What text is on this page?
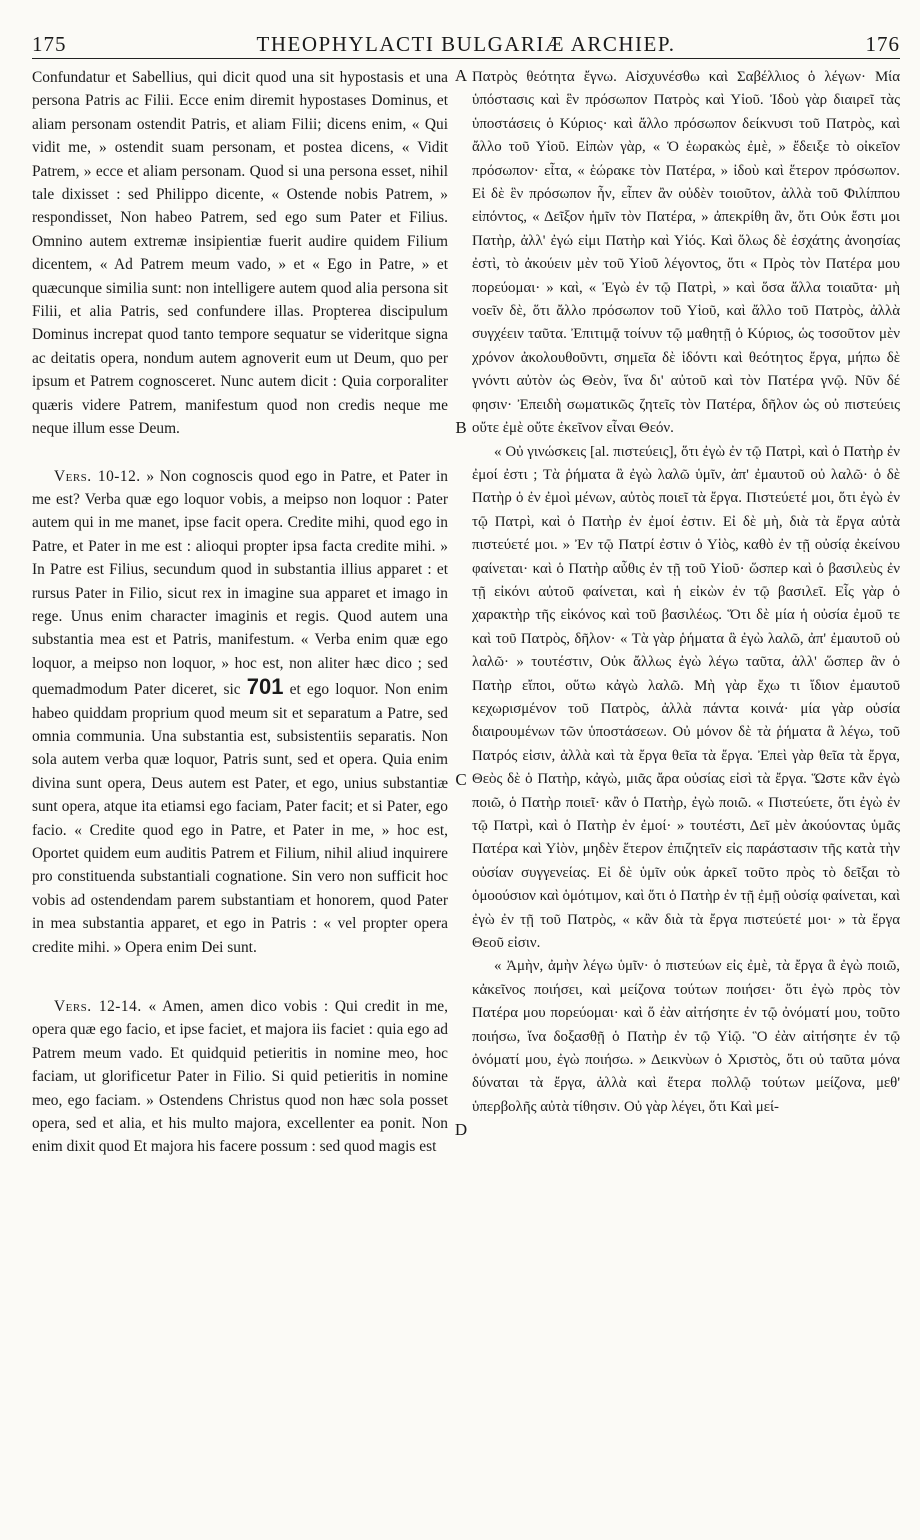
175	THEOPHYLACTI BULGARIÆ ARCHIEP.	176

Confundatur et Sabellius, qui dicit quod una sit hypostasis et una persona Patris ac Filii. Ecce enim diremit hypostases Dominus, et aliam personam ostendit Patris, et aliam Filii; dicens enim, « Qui vidit me, » ostendit suam personam, et postea dicens, « Vidit Patrem, » ecce et aliam personam. Quod si una persona esset, nihil tale dixisset : sed Philippo dicente, « Ostende nobis Patrem, » respondisset, Non habeo Patrem, sed ego sum Pater et Filius. Omnino autem extremæ insipientiæ fuerit audire quidem Filium dicentem, « Ad Patrem meum vado, » et « Ego in Patre, » et quæcunque similia sunt: non intelligere autem quod alia persona sit Filii, et alia Patris, sed confundere illas. Propterea discipulum Dominus increpat quod tanto tempore sequatur se videritque signa ac deitatis opera, nondum autem agnoverit eum ut Deum, quo per ipsum et Patrem cognosceret. Nunc autem dicit : Quia corporaliter quæris videre Patrem, manifestum quod non credis neque me neque illum esse Deum.

Vers. 10-12. » Non cognoscis quod ego in Patre, et Pater in me est? Verba quæ ego loquor vobis, a meipso non loquor : Pater autem qui in me manet, ipse facit opera. Credite mihi, quod ego in Patre, et Pater in me est : alioqui propter ipsa facta credite mihi. » In Patre est Filius, secundum quod in substantia illius apparet : et rursus Pater in Filio, sicut rex in imagine sua apparet et imago in rege. Unus enim character imaginis et regis. Quod autem una substantia mea est et Patris, manifestum. « Verba enim quæ ego loquor, a meipso non loquor, » hoc est, non aliter hæc dico ; sed quemadmodum Pater diceret, sic 701 et ego loquor. Non enim habeo quiddam proprium quod meum sit et separatum a Patre, sed omnia communia. Una substantia est, subsistentiis separatis. Non sola autem verba quæ loquor, Patris sunt, sed et opera. Quia enim divina sunt opera, Deus autem est Pater, et ego, unius substantiæ sunt opera, atque ita etiamsi ego faciam, Pater facit; et si Pater, ego facio. « Credite quod ego in Patre, et Pater in me, » hoc est, Oportet quidem eum auditis Patrem et Filium, nihil aliud inquirere pro constituenda substantiali cognatione. Sin vero non sufficit hoc vobis ad ostendendam parem substantiam et honorem, quod Pater in mea substantia apparet, et ego in Patris : « vel propter opera credite mihi. » Opera enim Dei sunt.

Vers. 12-14. « Amen, amen dico vobis : Qui credit in me, opera quæ ego facio, et ipse faciet, et majora iis faciet : quia ego ad Patrem meum vado. Et quidquid petieritis in nomine meo, hoc faciam, ut glorificetur Pater in Filio. Si quid petieritis in nomine meo, ego faciam. » Ostendens Christus quod non hæc sola posset opera, sed et alia, et his multo majora, excellenter ea ponit. Non enim dixit quod Et majora his facere possum : sed quod magis est

A
B
C
D

Πατρὸς θεότητα ἔγνω. Αἰσχυνέσθω καὶ Σαβέλλιος ὁ λέγων· Μία ὑπόστασις καὶ ἓν πρόσωπον Πατρὸς καὶ Υἱοῦ. Ἰδοὺ γὰρ διαιρεῖ τὰς ὑποστάσεις ὁ Κύριος· καὶ ἄλλο πρόσωπον δείκνυσι τοῦ Πατρὸς, καὶ ἄλλο τοῦ Υἱοῦ. Εἰπὼν γὰρ, « Ὁ ἑωρακὼς ἐμὲ, » ἔδειξε τὸ οἰκεῖον πρόσωπον· εἶτα, « ἑώρακε τὸν Πατέρα, » ἰδοὺ καὶ ἕτερον πρόσωπον. Εἰ δὲ ἓν πρόσωπον ἦν, εἶπεν ἂν οὐδὲν τοιοῦτον, ἀλλὰ τοῦ Φιλίππου εἰπόντος, « Δεῖξον ἡμῖν τὸν Πατέρα, » ἀπεκρίθη ἂν, ὅτι Οὐκ ἔστι μοι Πατὴρ, ἀλλ' ἐγώ εἰμι Πατὴρ καὶ Υἱός. Καὶ ὅλως δὲ ἐσχάτης ἀνοησίας ἐστὶ, τὸ ἀκούειν μὲν τοῦ Υἱοῦ λέγοντος, ὅτι « Πρὸς τὸν Πατέρα μου πορεύομαι· » καὶ, « Ἐγὼ ἐν τῷ Πατρὶ, » καὶ ὅσα ἄλλα τοιαῦτα· μὴ νοεῖν δὲ, ὅτι ἄλλο πρόσωπον τοῦ Υἱοῦ, καὶ ἄλλο τοῦ Πατρὸς, ἀλλὰ συγχέειν ταῦτα. Ἐπιτιμᾷ τοίνυν τῷ μαθητῇ ὁ Κύριος, ὡς τοσοῦτον μὲν χρόνον ἀκολουθοῦντι, σημεῖα δὲ ἰδόντι καὶ θεότητος ἔργα, μήπω δὲ γνόντι αὐτὸν ὡς Θεὸν, ἵνα δι' αὐτοῦ καὶ τὸν Πατέρα γνῷ. Νῦν δέ φησιν· Ἐπειδὴ σωματικῶς ζητεῖς τὸν Πατέρα, δῆλον ὡς οὐ πιστεύεις οὔτε ἐμὲ οὔτε ἐκεῖνον εἶναι Θεόν.

« Οὐ γινώσκεις [al. πιστεύεις], ὅτι ἐγὼ ἐν τῷ Πατρὶ, καὶ ὁ Πατὴρ ἐν ἐμοί ἐστι ; Τὰ ῥήματα ἃ ἐγὼ λαλῶ ὑμῖν, ἀπ' ἐμαυτοῦ οὐ λαλῶ· ὁ δὲ Πατὴρ ὁ ἐν ἐμοὶ μένων, αὐτὸς ποιεῖ τὰ ἔργα. Πιστεύετέ μοι, ὅτι ἐγὼ ἐν τῷ Πατρὶ, καὶ ὁ Πατὴρ ἐν ἐμοί ἐστιν. Εἰ δὲ μὴ, διὰ τὰ ἔργα αὐτὰ πιστεύετέ μοι. » Ἐν τῷ Πατρί ἐστιν ὁ Υἱὸς, καθὸ ἐν τῇ οὐσίᾳ ἐκείνου φαίνεται· καὶ ὁ Πατὴρ αὖθις ἐν τῇ τοῦ Υἱοῦ· ὥσπερ καὶ ὁ βασιλεὺς ἐν τῇ εἰκόνι αὐτοῦ φαίνεται, καὶ ἡ εἰκὼν ἐν τῷ βασιλεῖ. Εἷς γὰρ ὁ χαρακτὴρ τῆς εἰκόνος καὶ τοῦ βασιλέως. Ὅτι δὲ μία ἡ οὐσία ἐμοῦ τε καὶ τοῦ Πατρὸς, δῆλον· « Τὰ γὰρ ῥήματα ἃ ἐγὼ λαλῶ, ἀπ' ἐμαυτοῦ οὐ λαλῶ· » τουτέστιν, Οὐκ ἄλλως ἐγὼ λέγω ταῦτα, ἀλλ' ὥσπερ ἂν ὁ Πατὴρ εἴποι, οὕτω κἀγὼ λαλῶ. Μὴ γὰρ ἔχω τι ἴδιον ἐμαυτοῦ κεχωρισμένον τοῦ Πατρὸς, ἀλλὰ πάντα κοινά· μία γὰρ οὐσία διαιρουμένων τῶν ὑποστάσεων. Οὐ μόνον δὲ τὰ ῥήματα ἃ λέγω, τοῦ Πατρός εἰσιν, ἀλλὰ καὶ τὰ ἔργα θεῖα τὰ ἔργα. Ἐπεὶ γὰρ θεῖα τὰ ἔργα, Θεὸς δὲ ὁ Πατὴρ, κἀγὼ, μιᾶς ἄρα οὐσίας εἰσὶ τὰ ἔργα. Ὥστε κἂν ἐγὼ ποιῶ, ὁ Πατὴρ ποιεῖ· κἂν ὁ Πατὴρ, ἐγὼ ποιῶ. « Πιστεύετε, ὅτι ἐγὼ ἐν τῷ Πατρὶ, καὶ ὁ Πατὴρ ἐν ἐμοί· » τουτέστι, Δεῖ μὲν ἀκούοντας ὑμᾶς Πατέρα καὶ Υἱὸν, μηδὲν ἕτερον ἐπιζητεῖν εἰς παράστασιν τῆς κατὰ τὴν οὐσίαν συγγενείας. Εἰ δὲ ὑμῖν οὐκ ἀρκεῖ τοῦτο πρὸς τὸ δεῖξαι τὸ ὁμοούσιον καὶ ὁμότιμον, καὶ ὅτι ὁ Πατὴρ ἐν τῇ ἐμῇ οὐσίᾳ φαίνεται, καὶ ἐγὼ ἐν τῇ τοῦ Πατρὸς, « κἂν διὰ τὰ ἔργα πιστεύετέ μοι· » τὰ ἔργα Θεοῦ εἰσιν.

« Ἀμὴν, ἀμὴν λέγω ὑμῖν· ὁ πιστεύων εἰς ἐμὲ, τὰ ἔργα ἃ ἐγὼ ποιῶ, κἀκεῖνος ποιήσει, καὶ μείζονα τούτων ποιήσει· ὅτι ἐγὼ πρὸς τὸν Πατέρα μου πορεύομαι· καὶ ὅ ἐὰν αἰτήσητε ἐν τῷ ὀνόματί μου, τοῦτο ποιήσω, ἵνα δοξασθῇ ὁ Πατὴρ ἐν τῷ Υἱῷ. Ὃ ἐὰν αἰτήσητε ἐν τῷ ὀνόματί μου, ἐγὼ ποιήσω. » Δεικνὺων ὁ Χριστὸς, ὅτι οὐ ταῦτα μόνα δύναται τὰ ἔργα, ἀλλὰ καὶ ἕτερα πολλῷ τούτων μείζονα, μεθ' ὑπερβολῆς αὐτὰ τίθησιν. Οὐ γὰρ λέγει, ὅτι Καὶ μεί-
